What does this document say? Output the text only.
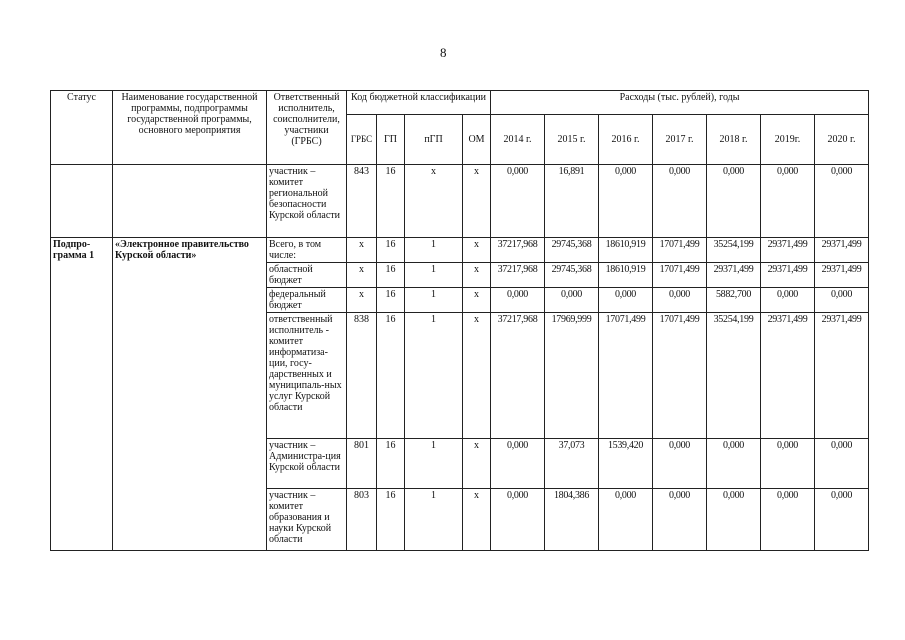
8
Статус	Наименование государственной программы, подпрограммы государственной программы, основного мероприятия	Ответственный исполнитель, соисполнители, участники (ГРБС)	Код бюджетной классификации				Расходы (тыс. рублей), годы						
			ГРБС	ГП	пГП	ОМ	2014 г.	2015 г.	2016 г.	2017 г.	2018 г.	2019г.	2020 г.
		участник – комитет региональной безопасности Курской области	843	16	x	x	0,000	16,891	0,000	0,000	0,000	0,000	0,000
Подпро-грамма 1	«Электронное правительство Курской области»	Всего, в том числе:	x	16	1	x	37217,968	29745,368	18610,919	17071,499	35254,199	29371,499	29371,499
		областной бюджет	x	16	1	x	37217,968	29745,368	18610,919	17071,499	29371,499	29371,499	29371,499
		федеральный бюджет	x	16	1	x	0,000	0,000	0,000	0,000	5882,700	0,000	0,000
		ответственный исполнитель - комитет информатиза-ции, госу-дарственных и муниципаль-ных услуг Курской области	838	16	1	x	37217,968	17969,999	17071,499	17071,499	35254,199	29371,499	29371,499
		участник – Администра-ция Курской области	801	16	1	x	0,000	37,073	1539,420	0,000	0,000	0,000	0,000
		участник – комитет образования и науки Курской области	803	16	1	x	0,000	1804,386	0,000	0,000	0,000	0,000	0,000
